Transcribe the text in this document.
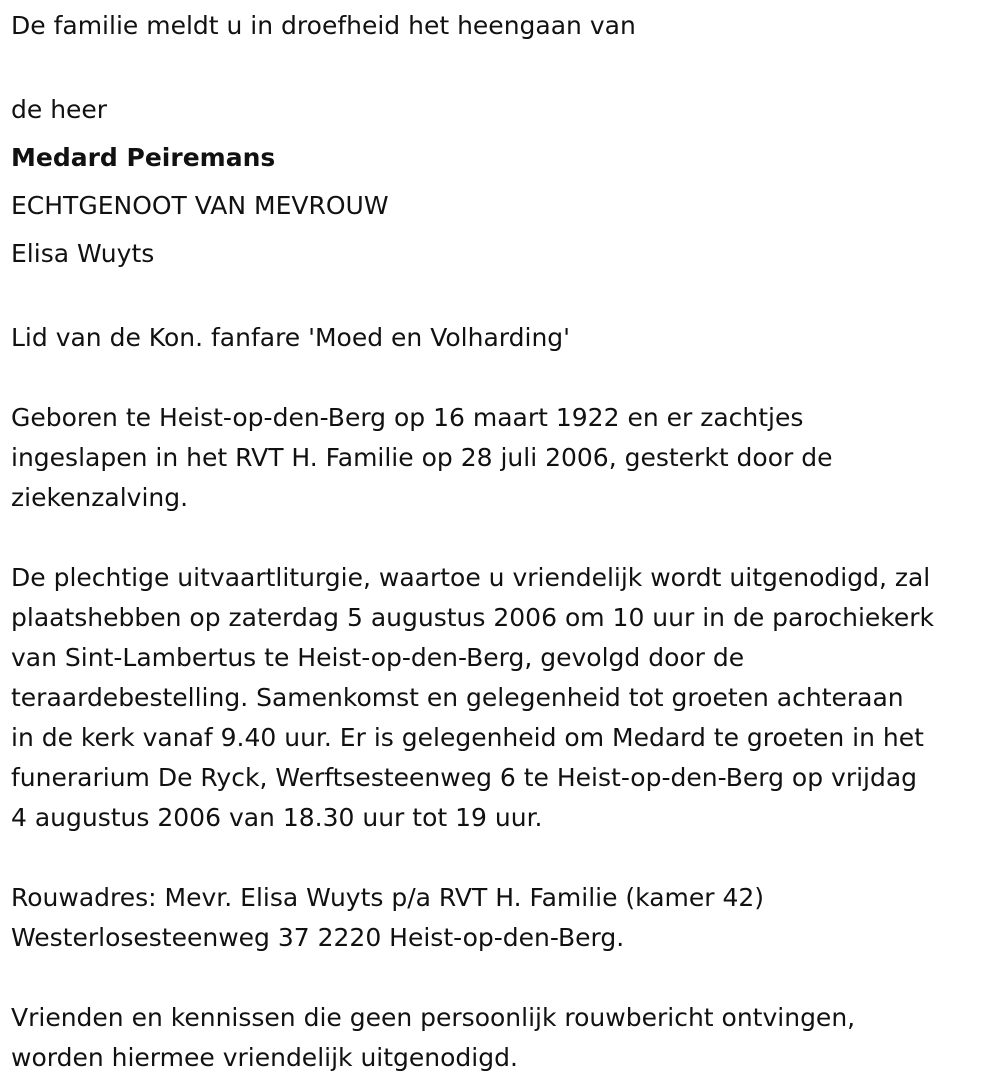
De familie meldt u in droefheid het heengaan van
de heer
Medard Peiremans
ECHTGENOOT VAN MEVROUW
Elisa Wuyts
Lid van de Kon. fanfare 'Moed en Volharding'
Geboren te Heist-op-den-Berg op 16 maart 1922 en er zachtjes
ingeslapen in het RVT H. Familie op 28 juli 2006, gesterkt door de
ziekenzalving.
De plechtige uitvaartliturgie, waartoe u vriendelijk wordt uitgenodigd, zal
plaatshebben op zaterdag 5 augustus 2006 om 10 uur in de parochiekerk
van Sint-Lambertus te Heist-op-den-Berg, gevolgd door de
teraardebestelling. Samenkomst en gelegenheid tot groeten achteraan
in de kerk vanaf 9.40 uur. Er is gelegenheid om Medard te groeten in het
funerarium De Ryck, Werftsesteenweg 6 te Heist-op-den-Berg op vrijdag
4 augustus 2006 van 18.30 uur tot 19 uur.
Rouwadres: Mevr. Elisa Wuyts p/a RVT H. Familie (kamer 42)
Westerlosesteenweg 37 2220 Heist-op-den-Berg.
Vrienden en kennissen die geen persoonlijk rouwbericht ontvingen,
worden hiermee vriendelijk uitgenodigd.
